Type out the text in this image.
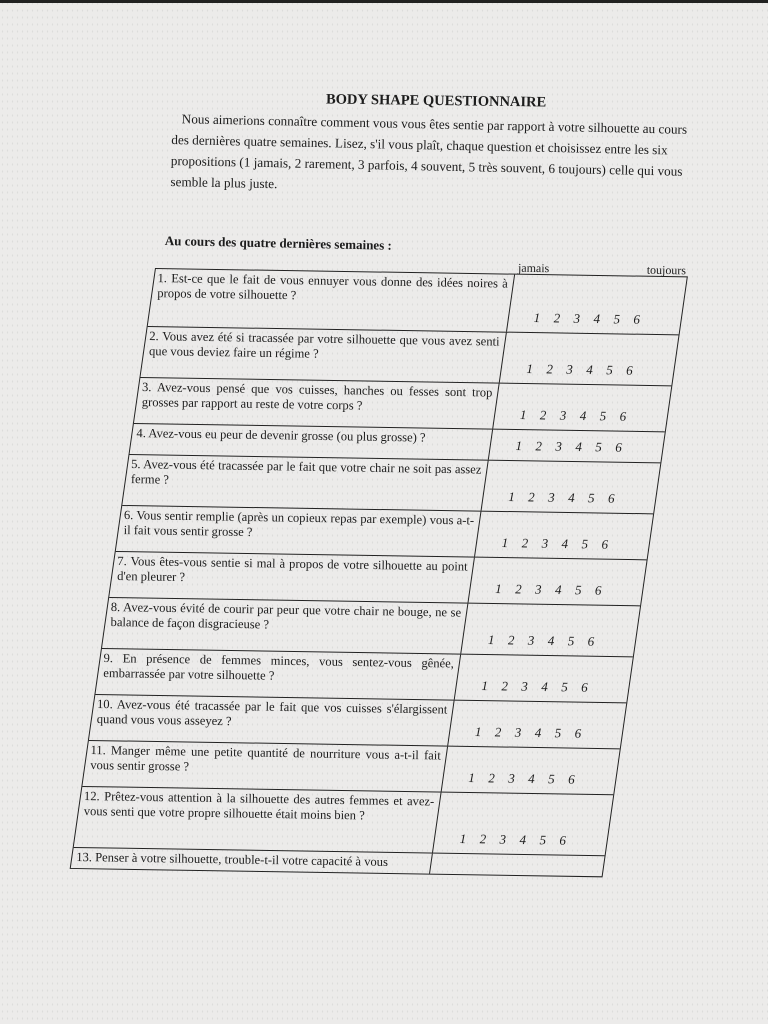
BODY SHAPE QUESTIONNAIRE
Nous aimerions connaître comment vous vous êtes sentie par rapport à votre silhouette au cours des dernières quatre semaines. Lisez, s'il vous plaît, chaque question et choisissez entre les six propositions (1 jamais, 2 rarement, 3 parfois, 4 souvent, 5 très souvent, 6 toujours) celle qui vous semble la plus juste.
Au cours des quatre dernières semaines :
1. Est-ce que le fait de vous ennuyer vous donne des idées noires à propos de votre silhouette ?
jamais	toujours
1	2	3	4	5	6
2. Vous avez été si tracassée par votre silhouette que vous avez senti que vous deviez faire un régime ?
1	2	3	4	5	6
3. Avez-vous pensé que vos cuisses, hanches ou fesses sont trop grosses par rapport au reste de votre corps ?
1	2	3	4	5	6
4. Avez-vous eu peur de devenir grosse (ou plus grosse) ?
1	2	3	4	5	6
5. Avez-vous été tracassée par le fait que votre chair ne soit pas assez ferme ?
1	2	3	4	5	6
6. Vous sentir remplie (après un copieux repas par exemple) vous a-t-il fait vous sentir grosse ?
1	2	3	4	5	6
7. Vous êtes-vous sentie si mal à propos de votre silhouette au point d'en pleurer ?
1	2	3	4	5	6
8. Avez-vous évité de courir par peur que votre chair ne bouge, ne se balance de façon disgracieuse ?
1	2	3	4	5	6
9. En présence de femmes minces, vous sentez-vous gênée, embarrassée par votre silhouette ?
1	2	3	4	5	6
10. Avez-vous été tracassée par le fait que vos cuisses s'élargissent quand vous vous asseyez ?
1	2	3	4	5	6
11. Manger même une petite quantité de nourriture vous a-t-il fait vous sentir grosse ?
1	2	3	4	5	6
12. Prêtez-vous attention à la silhouette des autres femmes et avez-vous senti que votre propre silhouette était moins bien ?
1	2	3	4	5	6
13. Penser à votre silhouette, trouble-t-il votre capacité à vous
